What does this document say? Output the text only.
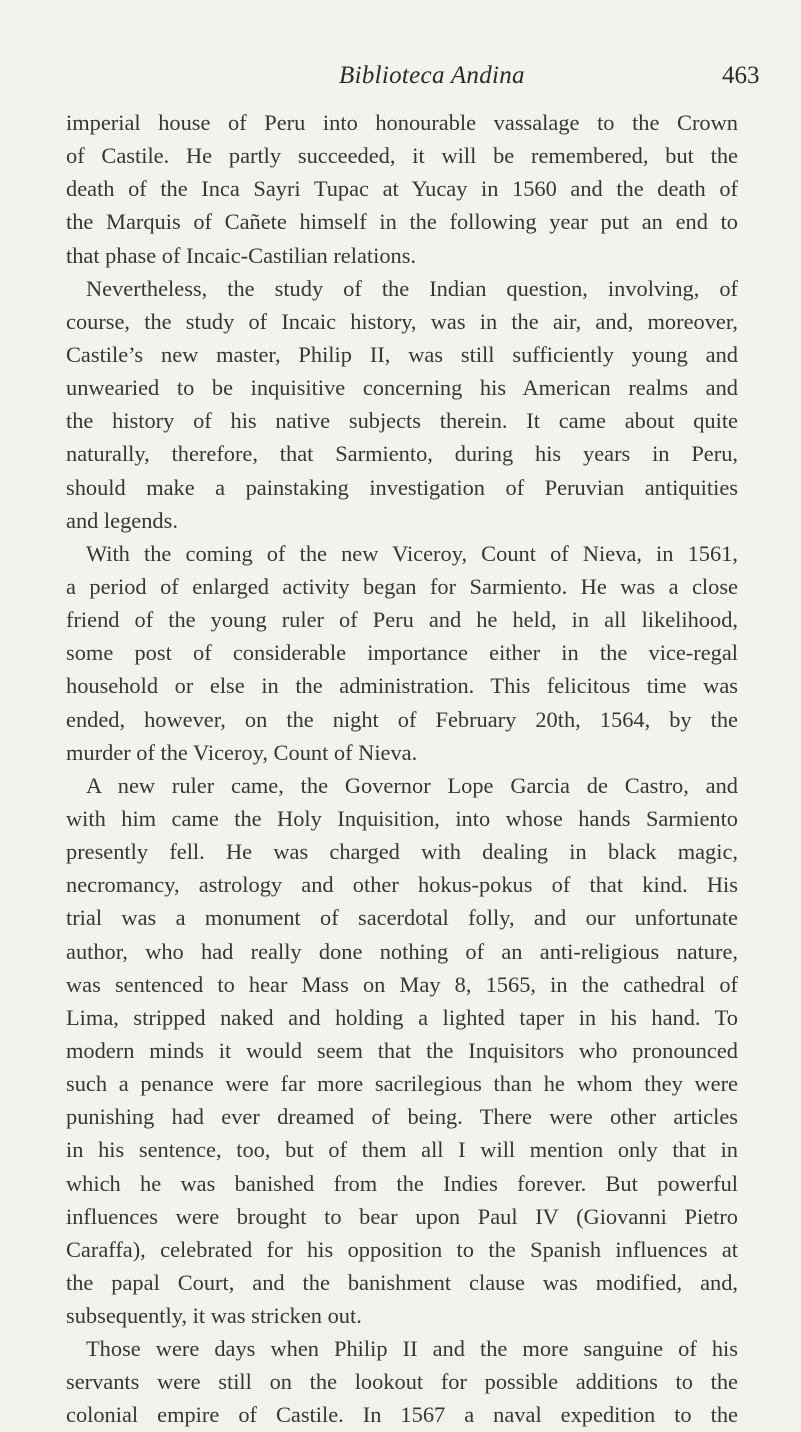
Biblioteca Andina	463
imperial house of Peru into honourable vassalage to the Crown
of Castile. He partly succeeded, it will be remembered, but the
death of the Inca Sayri Tupac at Yucay in 1560 and the death of
the Marquis of Cañete himself in the following year put an end to
that phase of Incaic-Castilian relations.
Nevertheless, the study of the Indian question, involving, of
course, the study of Incaic history, was in the air, and, moreover,
Castile’s new master, Philip II, was still sufficiently young and
unwearied to be inquisitive concerning his American realms and
the history of his native subjects therein. It came about quite
naturally, therefore, that Sarmiento, during his years in Peru,
should make a painstaking investigation of Peruvian antiquities
and legends.
With the coming of the new Viceroy, Count of Nieva, in 1561,
a period of enlarged activity began for Sarmiento. He was a close
friend of the young ruler of Peru and he held, in all likelihood,
some post of considerable importance either in the vice-regal
household or else in the administration. This felicitous time was
ended, however, on the night of February 20th, 1564, by the
murder of the Viceroy, Count of Nieva.
A new ruler came, the Governor Lope Garcia de Castro, and
with him came the Holy Inquisition, into whose hands Sarmiento
presently fell. He was charged with dealing in black magic,
necromancy, astrology and other hokus-pokus of that kind. His
trial was a monument of sacerdotal folly, and our unfortunate
author, who had really done nothing of an anti-religious nature,
was sentenced to hear Mass on May 8, 1565, in the cathedral of
Lima, stripped naked and holding a lighted taper in his hand. To
modern minds it would seem that the Inquisitors who pronounced
such a penance were far more sacrilegious than he whom they were
punishing had ever dreamed of being. There were other articles
in his sentence, too, but of them all I will mention only that in
which he was banished from the Indies forever. But powerful
influences were brought to bear upon Paul IV (Giovanni Pietro
Caraffa), celebrated for his opposition to the Spanish influences at
the papal Court, and the banishment clause was modified, and,
subsequently, it was stricken out.
Those were days when Philip II and the more sanguine of his
servants were still on the lookout for possible additions to the
colonial empire of Castile. In 1567 a naval expedition to the
